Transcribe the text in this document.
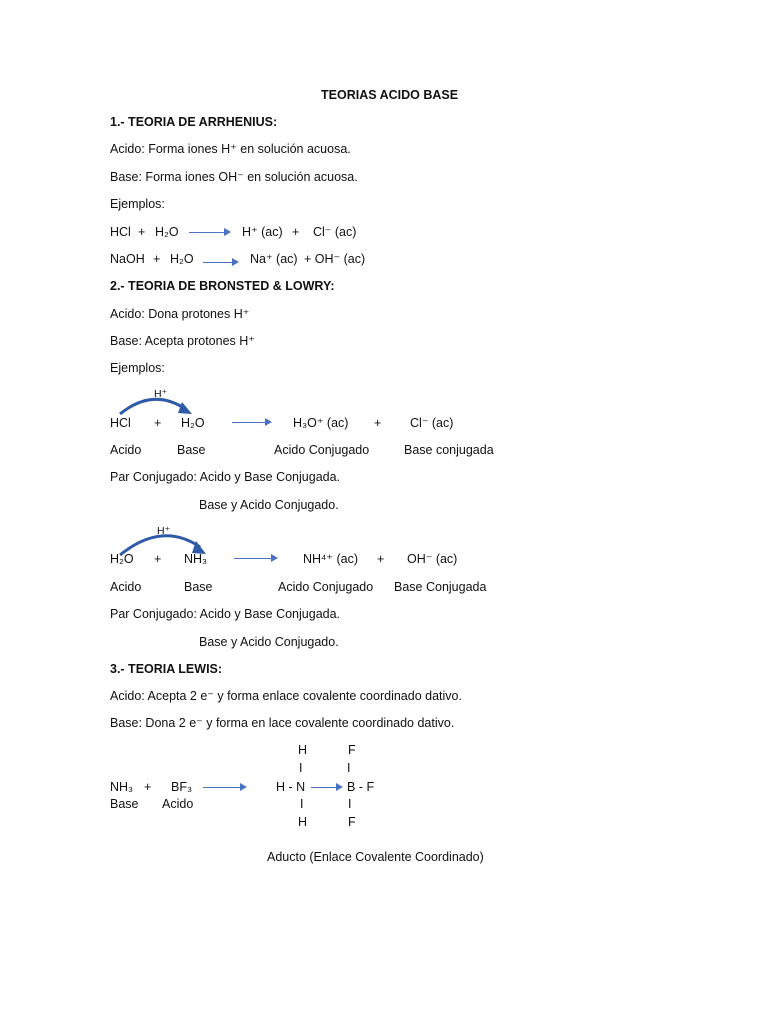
TEORIAS ACIDO BASE
1.- TEORIA DE ARRHENIUS:
Acido: Forma iones H⁺ en solución acuosa.
Base: Forma iones OH⁻ en solución acuosa.
Ejemplos:
HCl + H₂O → H⁺ (ac) + Cl⁻ (ac)
NaOH + H₂O → Na⁺ (ac) + OH⁻ (ac)
2.- TEORIA DE BRONSTED & LOWRY:
Acido: Dona protones H⁺
Base: Acepta protones H⁺
Ejemplos:
H⁺
HCl + H₂O	H₃O⁺ (ac) + Cl⁻ (ac)
Acido	Base	Acido Conjugado	Base conjugada
Par Conjugado: Acido y Base Conjugada.
Base y Acido Conjugado.
H⁺
H₂O + NH₃	NH⁴⁺ (ac) + OH⁻ (ac)
Acido	Base	Acido Conjugado Base Conjugada
Par Conjugado: Acido y Base Conjugada.
Base y Acido Conjugado.
3.- TEORIA LEWIS:
Acido: Acepta 2 e⁻ y forma enlace covalente coordinado dativo.
Base: Dona 2 e⁻ y forma en lace covalente coordinado dativo.
H	F
I	I
NH₃ + BF₃ → H - N	B - F
Base Acido	I	I
H	F
Aducto (Enlace Covalente Coordinado)
